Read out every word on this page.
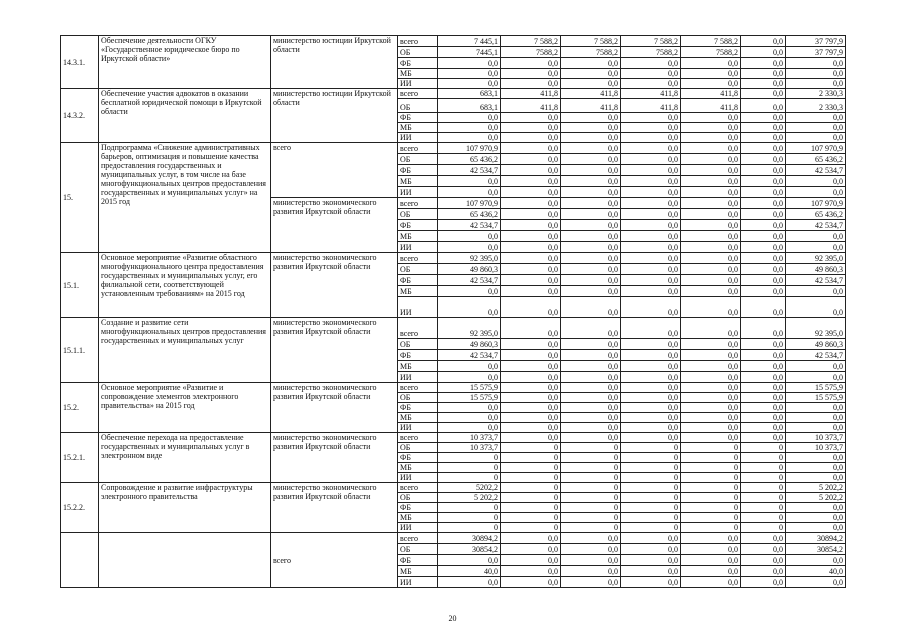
14.3.1.	Обеспечение деятельности ОГКУ «Государственное юридическое бюро по Иркутской области»	министерство юстиции Иркутской области	всего	7 445,1	7 588,2	7 588,2	7 588,2	7 588,2	0,0	37 797,9
			ОБ	7445,1	7588,2	7588,2	7588,2	7588,2	0,0	37 797,9
			ФБ	0,0	0,0	0,0	0,0	0,0	0,0	0,0
			МБ	0,0	0,0	0,0	0,0	0,0	0,0	0,0
			ИИ	0,0	0,0	0,0	0,0	0,0	0,0	0,0
14.3.2.	Обеспечение участия адвокатов в оказании бесплатной юридической помощи в Иркутской области	министерство юстиции Иркутской области	всего	683,1	411,8	411,8	411,8	411,8	0,0	2 330,3
			ОБ	683,1	411,8	411,8	411,8	411,8	0,0	2 330,3
			ФБ	0,0	0,0	0,0	0,0	0,0	0,0	0,0
			МБ	0,0	0,0	0,0	0,0	0,0	0,0	0,0
			ИИ	0,0	0,0	0,0	0,0	0,0	0,0	0,0
15.	Подпрограмма «Снижение административных барьеров, оптимизация и повышение качества предоставления государственных и муниципальных услуг, в том числе на базе многофункциональных центров предоставления государственных и муниципальных услуг» на 2015 год	всего	всего	107 970,9	0,0	0,0	0,0	0,0	0,0	107 970,9
			ОБ	65 436,2	0,0	0,0	0,0	0,0	0,0	65 436,2
			ФБ	42 534,7	0,0	0,0	0,0	0,0	0,0	42 534,7
			МБ	0,0	0,0	0,0	0,0	0,0	0,0	0,0
			ИИ	0,0	0,0	0,0	0,0	0,0	0,0	0,0
		министерство экономического развития Иркутской области	всего	107 970,9	0,0	0,0	0,0	0,0	0,0	107 970,9
			ОБ	65 436,2	0,0	0,0	0,0	0,0	0,0	65 436,2
			ФБ	42 534,7	0,0	0,0	0,0	0,0	0,0	42 534,7
			МБ	0,0	0,0	0,0	0,0	0,0	0,0	0,0
			ИИ	0,0	0,0	0,0	0,0	0,0	0,0	0,0
15.1.	Основное мероприятие «Развитие областного многофункционального центра предоставления государственных и муниципальных услуг, его филиальной сети, соответствующей установленным требованиям» на 2015 год	министерство экономического развития Иркутской области	всего	92 395,0	0,0	0,0	0,0	0,0	0,0	92 395,0
			ОБ	49 860,3	0,0	0,0	0,0	0,0	0,0	49 860,3
			ФБ	42 534,7	0,0	0,0	0,0	0,0	0,0	42 534,7
			МБ	0,0	0,0	0,0	0,0	0,0	0,0	0,0
			ИИ	0,0	0,0	0,0	0,0	0,0	0,0	0,0
15.1.1.	Создание и развитие сети многофункциональных центров предоставления государственных и муниципальных услуг	министерство экономического развития Иркутской области	всего	92 395,0	0,0	0,0	0,0	0,0	0,0	92 395,0
			ОБ	49 860,3	0,0	0,0	0,0	0,0	0,0	49 860,3
			ФБ	42 534,7	0,0	0,0	0,0	0,0	0,0	42 534,7
			МБ	0,0	0,0	0,0	0,0	0,0	0,0	0,0
			ИИ	0,0	0,0	0,0	0,0	0,0	0,0	0,0
15.2.	Основное мероприятие «Развитие и сопровождение элементов электронного правительства» на 2015 год	министерство экономического развития Иркутской области	всего	15 575,9	0,0	0,0	0,0	0,0	0,0	15 575,9
			ОБ	15 575,9	0,0	0,0	0,0	0,0	0,0	15 575,9
			ФБ	0,0	0,0	0,0	0,0	0,0	0,0	0,0
			МБ	0,0	0,0	0,0	0,0	0,0	0,0	0,0
			ИИ	0,0	0,0	0,0	0,0	0,0	0,0	0,0
15.2.1.	Обеспечение перехода на предоставление государственных и муниципальных услуг в электронном виде	министерство экономического развития Иркутской области	всего	10 373,7	0,0	0,0	0,0	0,0	0,0	10 373,7
			ОБ	10 373,7	0	0	0	0	0	10 373,7
			ФБ	0	0	0	0	0	0	0,0
			МБ	0	0	0	0	0	0	0,0
			ИИ	0	0	0	0	0	0	0,0
15.2.2.	Сопровождение и развитие инфраструктуры электронного правительства	министерство экономического развития Иркутской области	всего	5202,2	0	0	0	0	0	5 202,2
			ОБ	5 202,2	0	0	0	0	0	5 202,2
			ФБ	0	0	0	0	0	0	0,0
			МБ	0	0	0	0	0	0	0,0
			ИИ	0	0	0	0	0	0	0,0
		всего	всего	30894,2	0,0	0,0	0,0	0,0	0,0	30894,2
			ОБ	30854,2	0,0	0,0	0,0	0,0	0,0	30854,2
			ФБ	0,0	0,0	0,0	0,0	0,0	0,0	0,0
			МБ	40,0	0,0	0,0	0,0	0,0	0,0	40,0
			ИИ	0,0	0,0	0,0	0,0	0,0	0,0	0,0
20
